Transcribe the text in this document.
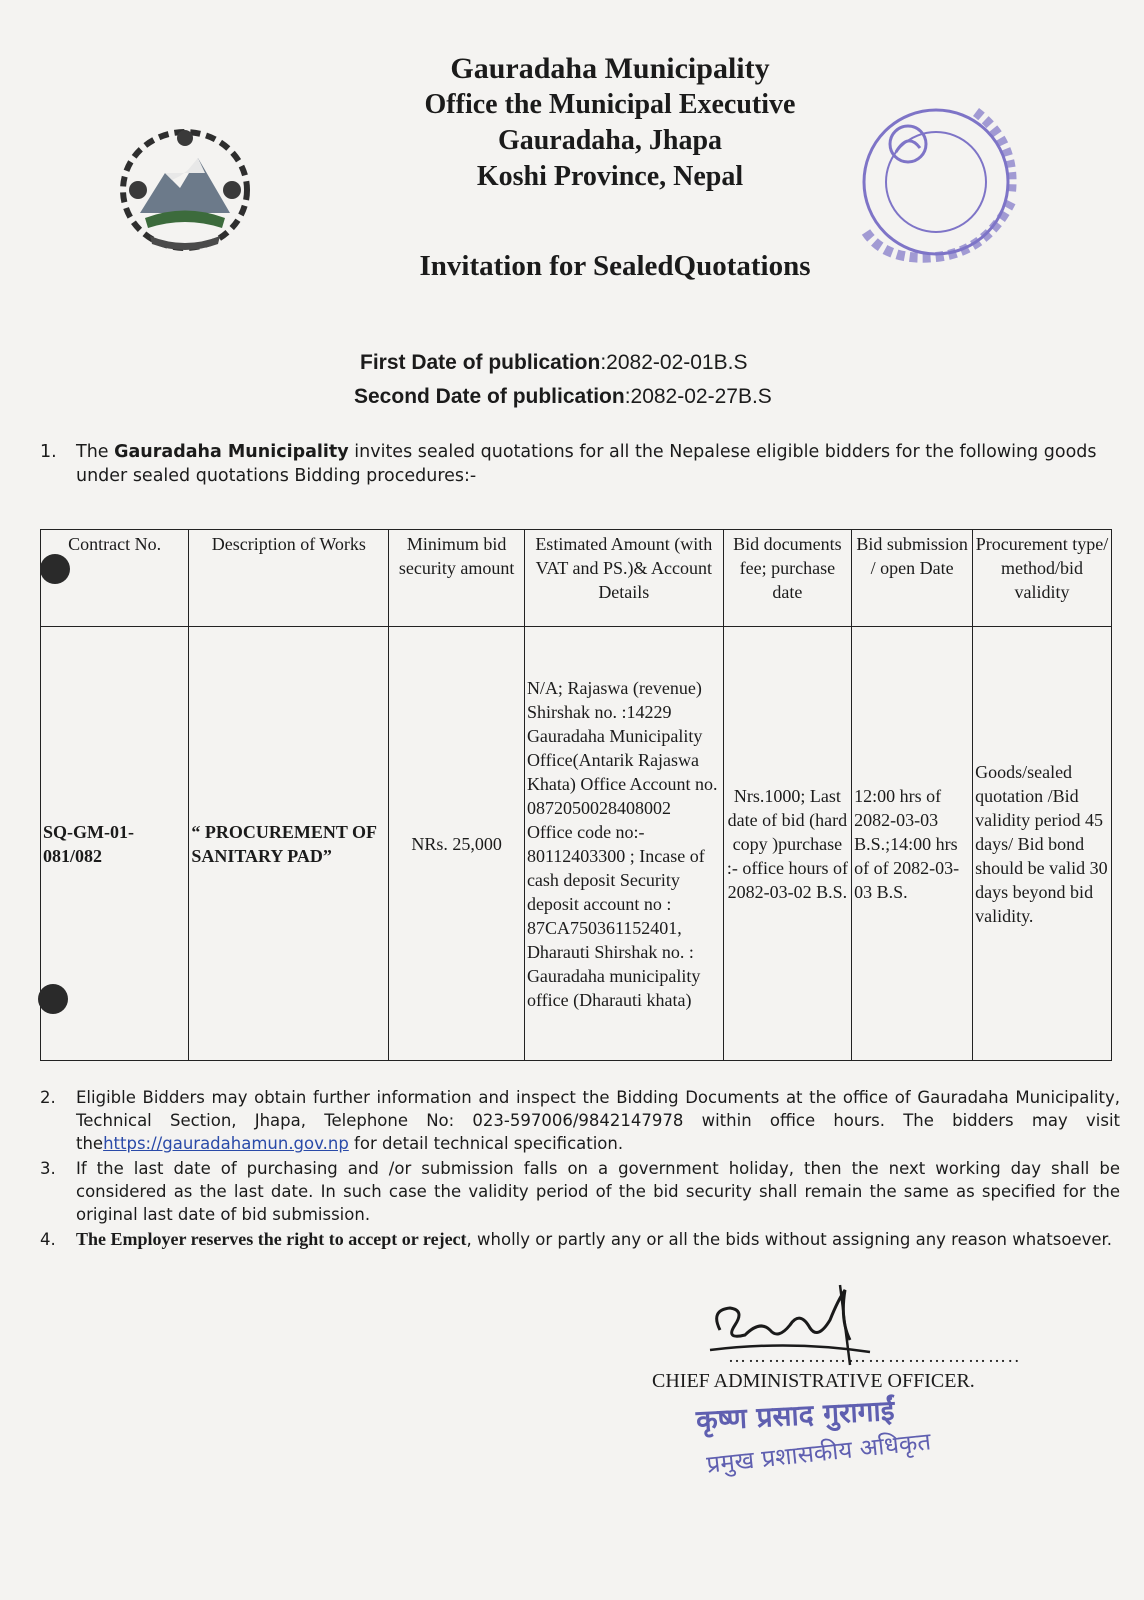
Gauradaha Municipality
Office the Municipal Executive
Gauradaha, Jhapa
Koshi Province, Nepal
Invitation for SealedQuotations
First Date of publication:2082-02-01B.S
Second Date of publication:2082-02-27B.S
1.	The Gauradaha Municipality invites sealed quotations for all the Nepalese eligible bidders for the following goods under sealed quotations Bidding procedures:-
Contract No.	Description of Works	Minimum bid security amount	Estimated Amount (with VAT and PS.)& Account Details	Bid documents fee; purchase date	Bid submission / open Date	Procurement type/ method/bid validity
SQ-GM-01-081/082	“ PROCUREMENT OF SANITARY PAD”	NRs. 25,000	N/A; Rajaswa (revenue) Shirshak no. :14229 Gauradaha Municipality Office(Antarik Rajaswa Khata) Office Account no. 0872050028408002 Office code no:- 80112403300 ; Incase of cash deposit Security deposit account no : 87CA750361152401, Dharauti Shirshak no. : Gauradaha municipality office (Dharauti khata)	Nrs.1000; Last date of bid (hard copy )purchase :- office hours of 2082-03-02 B.S.	12:00 hrs of 2082-03-03 B.S.;14:00 hrs of of 2082-03-03 B.S.	Goods/sealed quotation /Bid validity period 45 days/ Bid bond should be valid 30 days beyond bid validity.
2. Eligible Bidders may obtain further information and inspect the Bidding Documents at the office of Gauradaha Municipality, Technical Section, Jhapa, Telephone No: 023-597006/9842147978 within office hours. The bidders may visit thehttps://gauradahamun.gov.np for detail technical specification.
3. If the last date of purchasing and /or submission falls on a government holiday, then the next working day shall be considered as the last date. In such case the validity period of the bid security shall remain the same as specified for the original last date of bid submission.
4. The Employer reserves the right to accept or reject, wholly or partly any or all the bids without assigning any reason whatsoever.
……………………………………..
CHIEF ADMINISTRATIVE OFFICER.
कृष्ण प्रसाद गुरागाईं
प्रमुख प्रशासकीय अधिकृत
